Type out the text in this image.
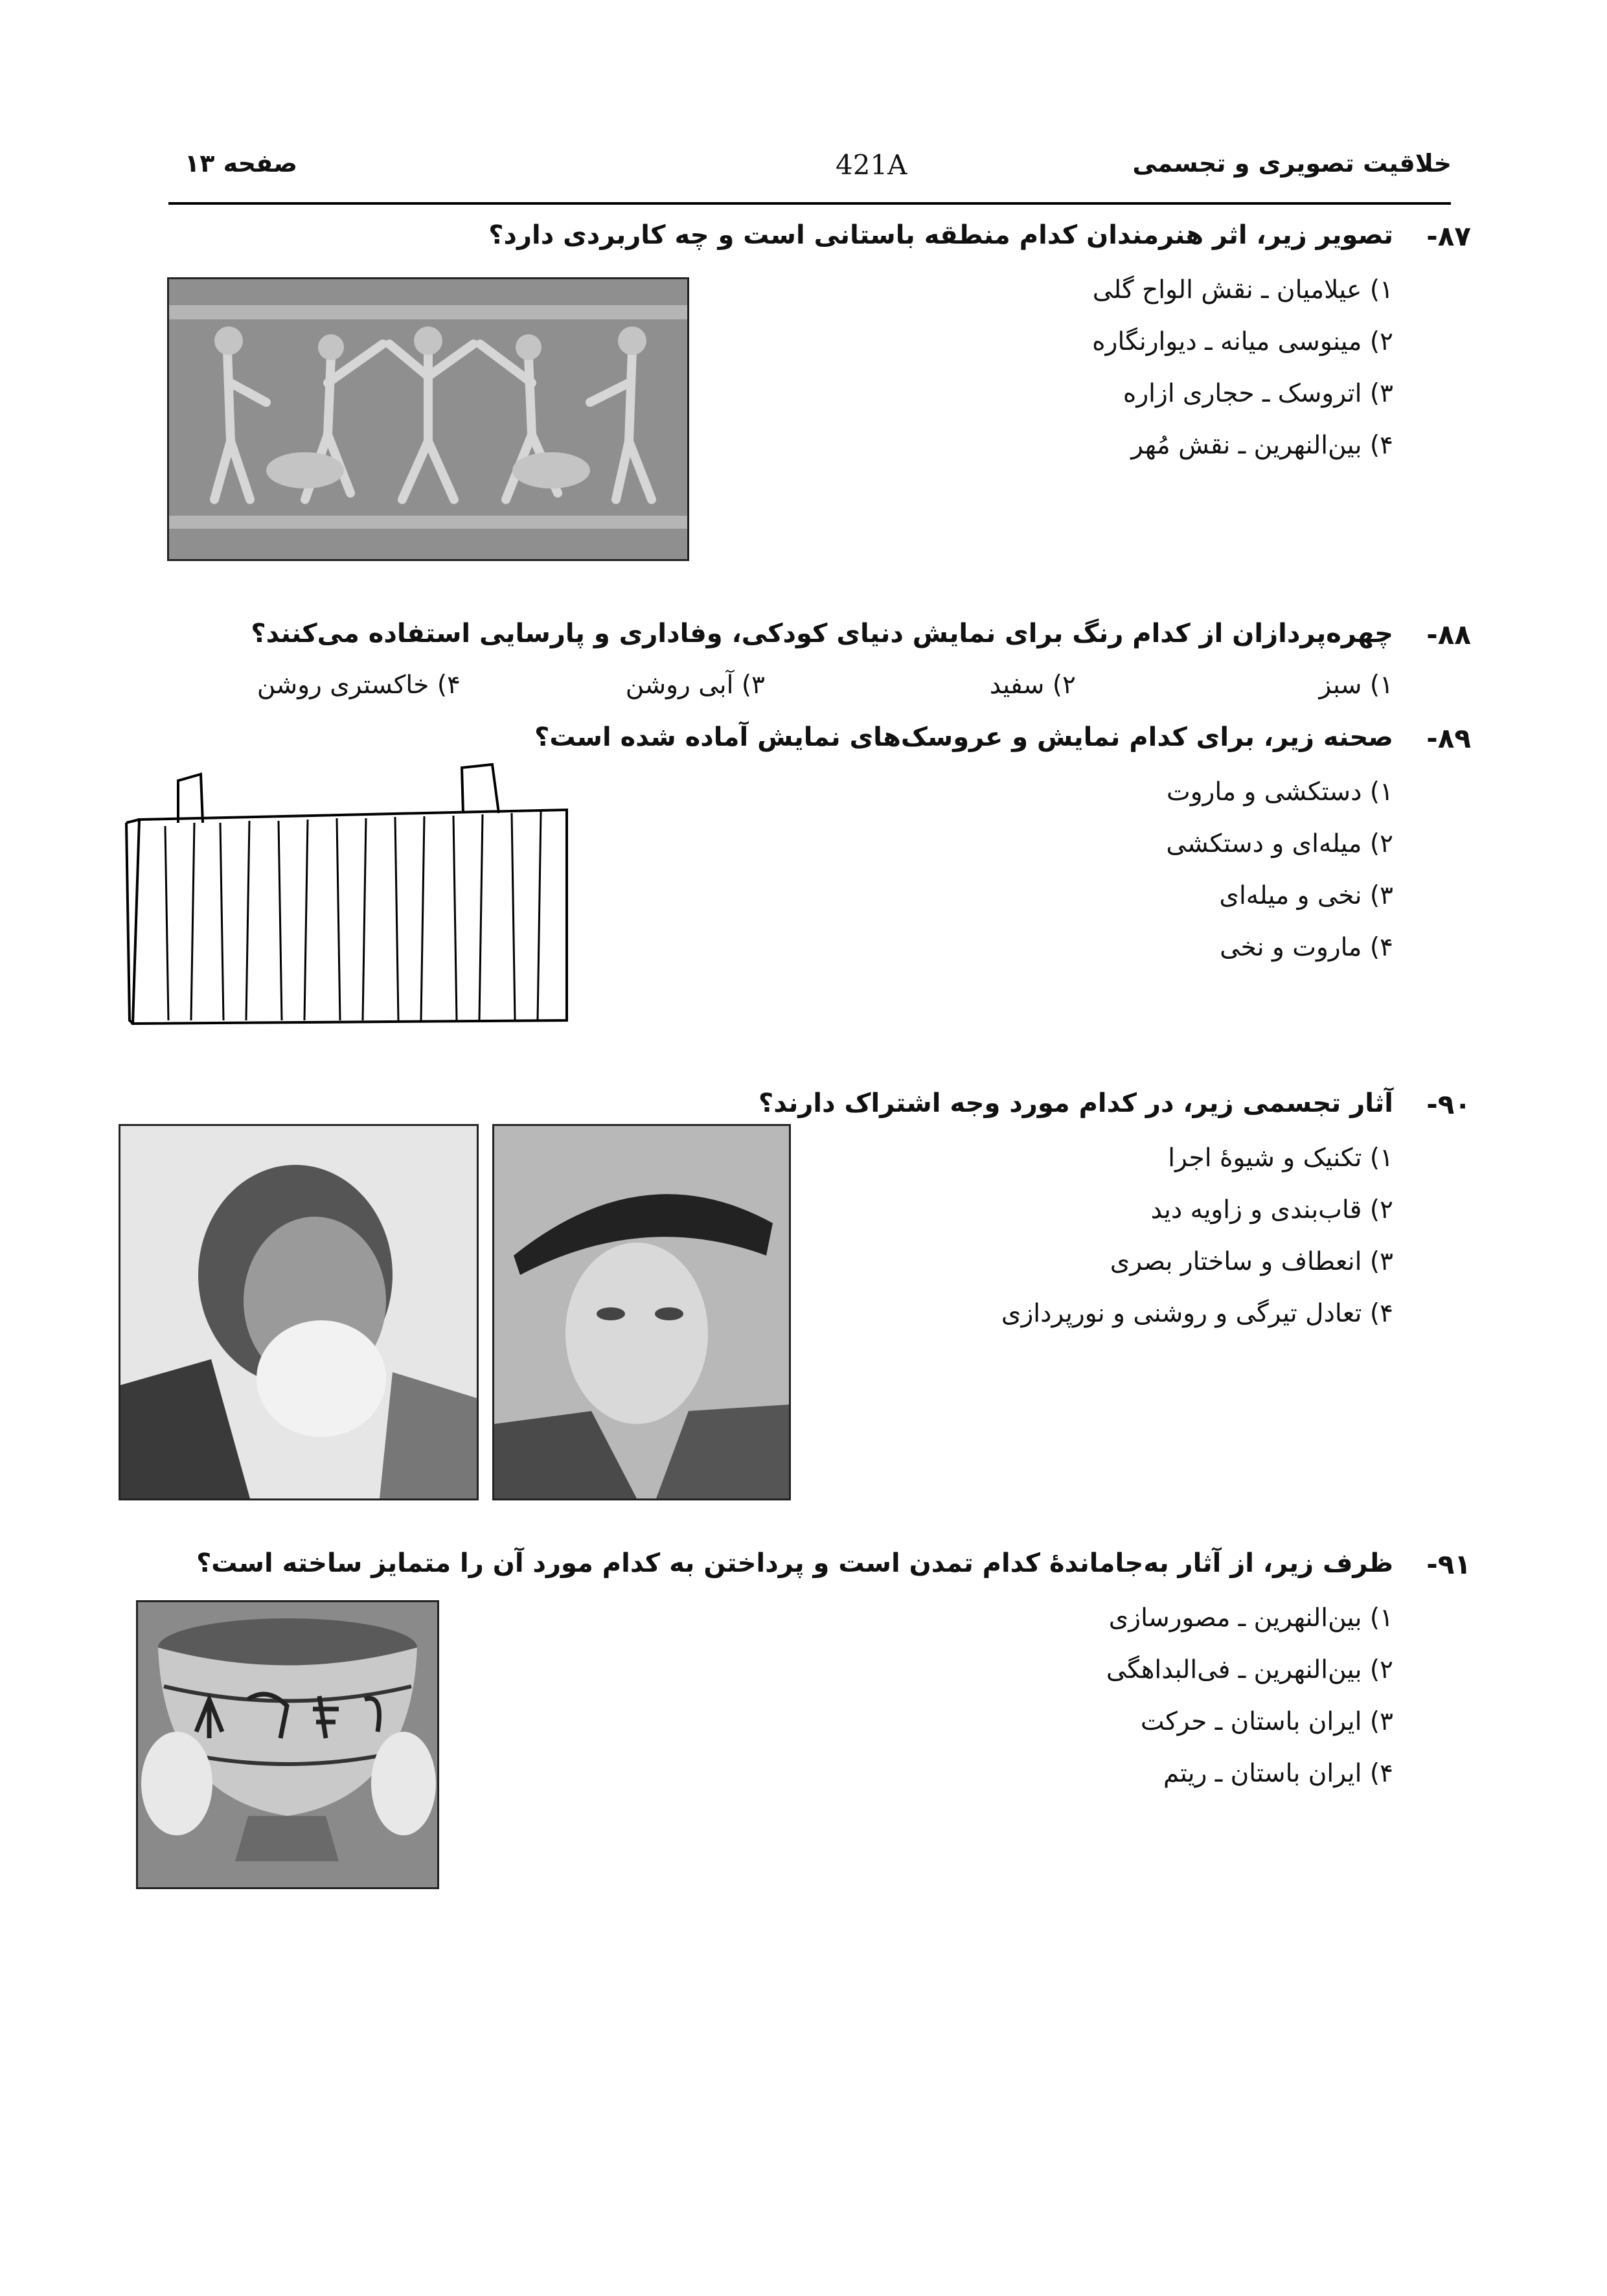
خلاقیت تصویری و تجسمی
421A
صفحه ۱۳
۸۷-
تصویر زیر، اثر هنرمندان کدام منطقه باستانی است و چه کاربردی دارد؟
۱) عیلامیان ـ نقش الواح گلی
۲) مینوسی میانه ـ دیوارنگاره
۳) اتروسک ـ حجاری ازاره
۴) بین‌النهرین ـ نقش مُهر
۸۸-
چهره‌پردازان از کدام رنگ برای نمایش دنیای کودکی، وفاداری و پارسایی استفاده می‌کنند؟
۱) سبز
۲) سفید
۳) آبی روشن
۴) خاکستری روشن
۸۹-
صحنه زیر، برای کدام نمایش و عروسک‌های نمایش آماده شده است؟
۱) دستکشی و ماروت
۲) میله‌ای و دستکشی
۳) نخی و میله‌ای
۴) ماروت و نخی
۹۰-
آثار تجسمی زیر، در کدام مورد وجه اشتراک دارند؟
۱) تکنیک و شیوهٔ اجرا
۲) قاب‌بندی و زاویه دید
۳) انعطاف و ساختار بصری
۴) تعادل تیرگی و روشنی و نورپردازی
۹۱-
ظرف زیر، از آثار به‌جامانده‌ٔ کدام تمدن است و پرداختن به کدام مورد آن را متمایز ساخته است؟
۱) بین‌النهرین ـ مصورسازی
۲) بین‌النهرین ـ فی‌البداهگی
۳) ایران باستان ـ حرکت
۴) ایران باستان ـ ریتم
